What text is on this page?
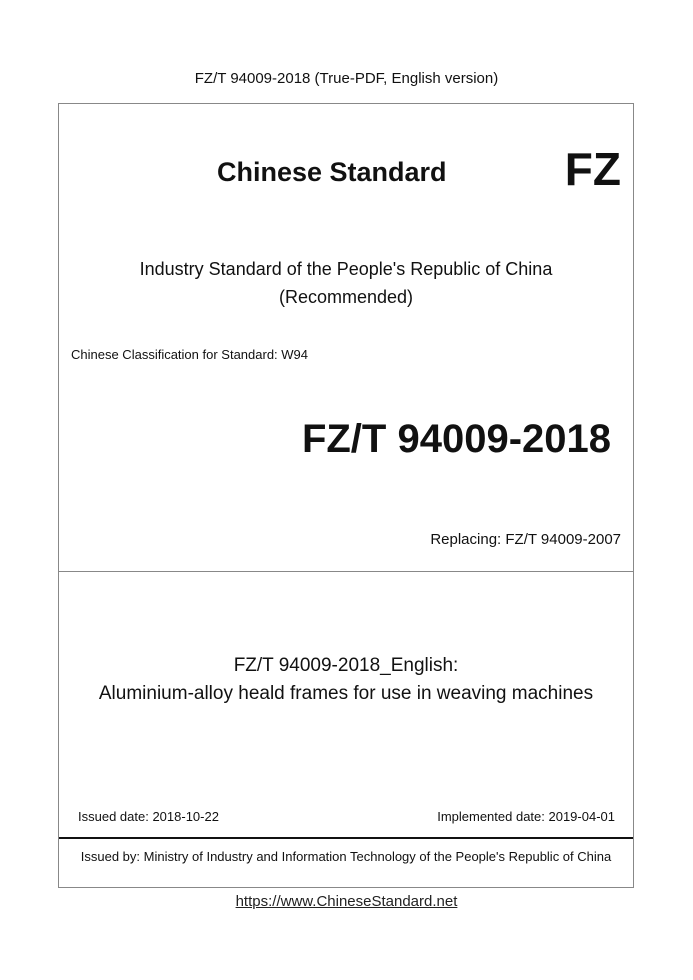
FZ/T 94009-2018 (True-PDF, English version)
Chinese Standard	FZ
Industry Standard of the People's Republic of China
(Recommended)
Chinese Classification for Standard: W94
FZ/T 94009-2018
Replacing: FZ/T 94009-2007
FZ/T 94009-2018_English:
Aluminium-alloy heald frames for use in weaving machines
Issued date: 2018-10-22	Implemented date: 2019-04-01
Issued by: Ministry of Industry and Information Technology of the People's Republic of China
https://www.ChineseStandard.net
